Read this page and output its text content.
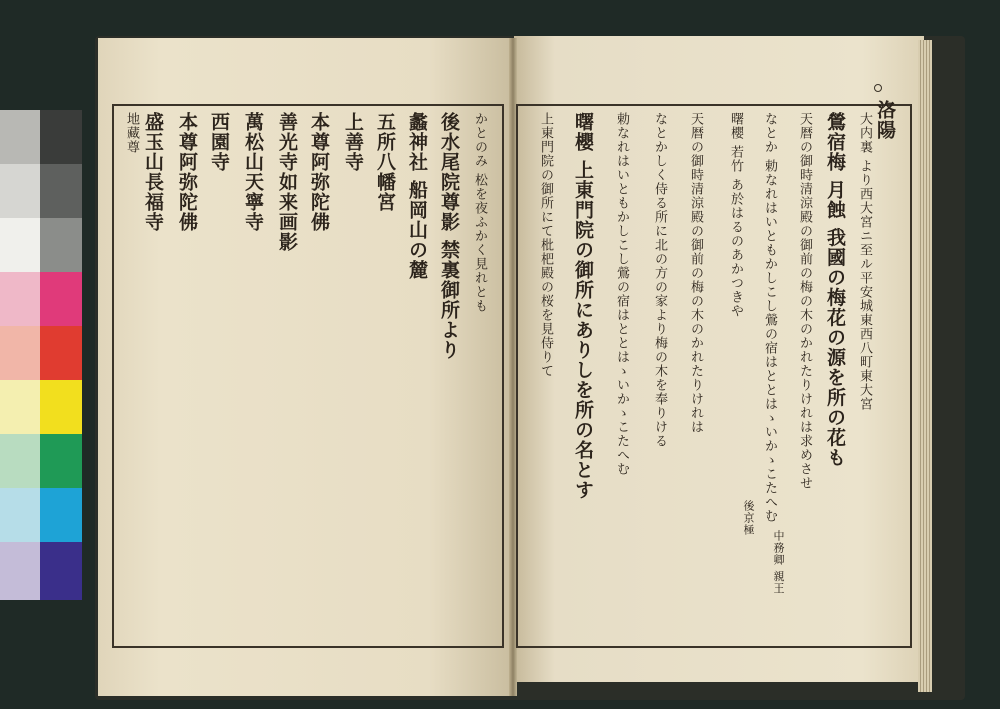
洛陽
大内裏 より西大宮ニ至ル平安城東西八町東大宮
鶯宿梅 月蝕 我國の梅花の源を所の花も
天暦の御時清涼殿の御前の梅の木のかれたりけれは求めさせ
なとか 勅なれはいともかしこし鶯の宿はととはゝいかゝこたへむ
曙櫻 若竹 あ於はるのあかつきや
中務卿 親王
後京極
天暦の御時清涼殿の御前の梅の木のかれたりけれは
なとかしく侍る所に北の方の家より梅の木を奉りける
勅なれはいともかしこし鶯の宿はととはゝいかゝこたへむ
曙櫻 上東門院の御所にありしを所の名とす
上東門院の御所にて枇杷殿の桜を見侍りて
かとのみ 松を夜ふかく見れとも
後水尾院尊影 禁裏御所より
蠡神社 船岡山の麓
五所八幡宮
上善寺
本尊阿弥陀佛
善光寺如来画影
萬松山天寧寺
西園寺
本尊阿弥陀佛
盛玉山長福寺
地藏尊
